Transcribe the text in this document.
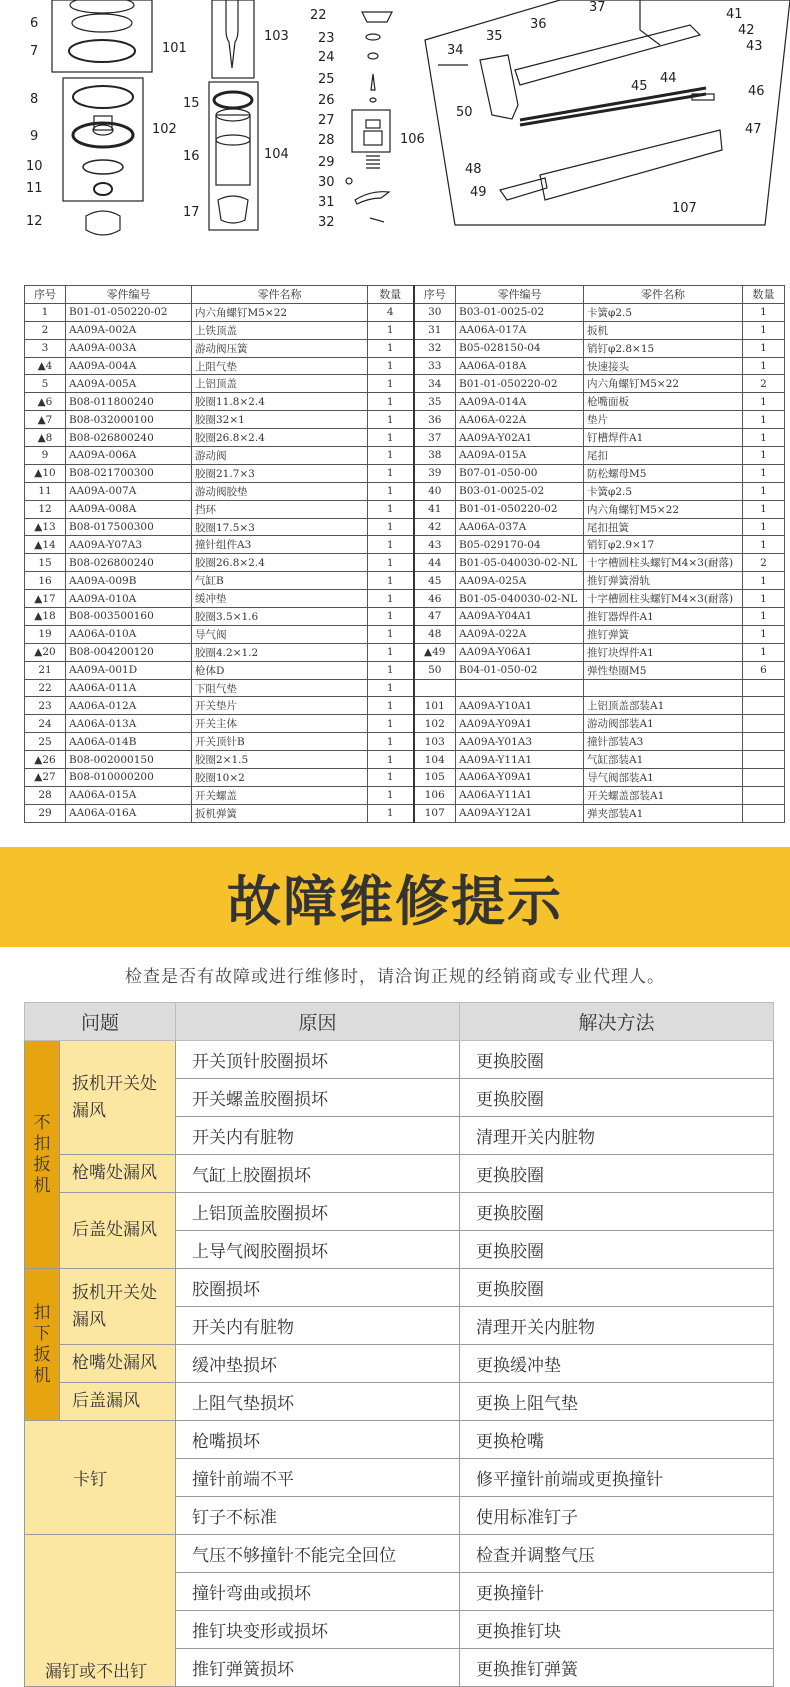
6
7	101
8
9	102
10
11
12
103
15
16	104
17
22
23
24
25
26
27
28	106
29
30
31
32
34
35
36
37	41
42
43
44
45	46
47
48
49
50
107
序号	零件编号	零件名称	数量	序号	零件编号	零件名称	数量
1	B01-01-050220-02	内六角螺钉M5×22	4	30	B03-01-0025-02	卡簧φ2.5	1
2	AA09A-002A	上铁顶盖	1	31	AA06A-017A	扳机	1
3	AA09A-003A	游动阀压簧	1	32	B05-028150-04	销钉φ2.8×15	1
▲4	AA09A-004A	上阻气垫	1	33	AA06A-018A	快速接头	1
5	AA09A-005A	上铝顶盖	1	34	B01-01-050220-02	内六角螺钉M5×22	2
▲6	B08-011800240	胶圈11.8×2.4	1	35	AA09A-014A	枪嘴面板	1
▲7	B08-032000100	胶圈32×1	1	36	AA06A-022A	垫片	1
▲8	B08-026800240	胶圈26.8×2.4	1	37	AA09A-Y02A1	钉槽焊件A1	1
9	AA09A-006A	游动阀	1	38	AA09A-015A	尾扣	1
▲10	B08-021700300	胶圈21.7×3	1	39	B07-01-050-00	防松螺母M5	1
11	AA09A-007A	游动阀胶垫	1	40	B03-01-0025-02	卡簧φ2.5	1
12	AA09A-008A	挡环	1	41	B01-01-050220-02	内六角螺钉M5×22	1
▲13	B08-017500300	胶圈17.5×3	1	42	AA06A-037A	尾扣扭簧	1
▲14	AA09A-Y07A3	撞针组件A3	1	43	B05-029170-04	销钉φ2.9×17	1
15	B08-026800240	胶圈26.8×2.4	1	44	B01-05-040030-02-NL	十字槽圆柱头螺钉M4×3(耐落)	2
16	AA09A-009B	气缸B	1	45	AA09A-025A	推钉弹簧滑轨	1
▲17	AA09A-010A	缓冲垫	1	46	B01-05-040030-02-NL	十字槽圆柱头螺钉M4×3(耐落)	1
▲18	B08-003500160	胶圈3.5×1.6	1	47	AA09A-Y04A1	推钉器焊件A1	1
19	AA06A-010A	导气阀	1	48	AA09A-022A	推钉弹簧	1
▲20	B08-004200120	胶圈4.2×1.2	1	▲49	AA09A-Y06A1	推钉块焊件A1	1
21	AA09A-001D	枪体D	1	50	B04-01-050-02	弹性垫圈M5	6
22	AA06A-011A	下阻气垫	1				
23	AA06A-012A	开关垫片	1	101	AA09A-Y10A1	上铝顶盖部装A1	
24	AA06A-013A	开关主体	1	102	AA09A-Y09A1	游动阀部装A1	
25	AA06A-014B	开关顶针B	1	103	AA09A-Y01A3	撞针部装A3	
▲26	B08-002000150	胶圈2×1.5	1	104	AA09A-Y11A1	气缸部装A1	
▲27	B08-010000200	胶圈10×2	1	105	AA06A-Y09A1	导气阀部装A1	
28	AA06A-015A	开关螺盖	1	106	AA06A-Y11A1	开关螺盖部装A1	
29	AA06A-016A	扳机弹簧	1	107	AA09A-Y12A1	弹夹部装A1	
故障维修提示
检查是否有故障或进行维修时，请洽询正规的经销商或专业代理人。
问题		原因	解决方法
不
扣
扳
机	扳机开关处漏风	开关顶针胶圈损坏	更换胶圈
		开关螺盖胶圈损坏	更换胶圈
		开关内有脏物	清理开关内脏物
	枪嘴处漏风	气缸上胶圈损坏	更换胶圈
	后盖处漏风	上铝顶盖胶圈损坏	更换胶圈
		上导气阀胶圈损坏	更换胶圈
扣
下
扳
机	扳机开关处漏风	胶圈损坏	更换胶圈
		开关内有脏物	清理开关内脏物
	枪嘴处漏风	缓冲垫损坏	更换缓冲垫
	后盖漏风	上阻气垫损坏	更换上阻气垫
卡钉		枪嘴损坏	更换枪嘴
		撞针前端不平	修平撞针前端或更换撞针
		钉子不标准	使用标准钉子
漏钉或不出钉		气压不够撞针不能完全回位	检查并调整气压
		撞针弯曲或损坏	更换撞针
		推钉块变形或损坏	更换推钉块
		推钉弹簧损坏	更换推钉弹簧
